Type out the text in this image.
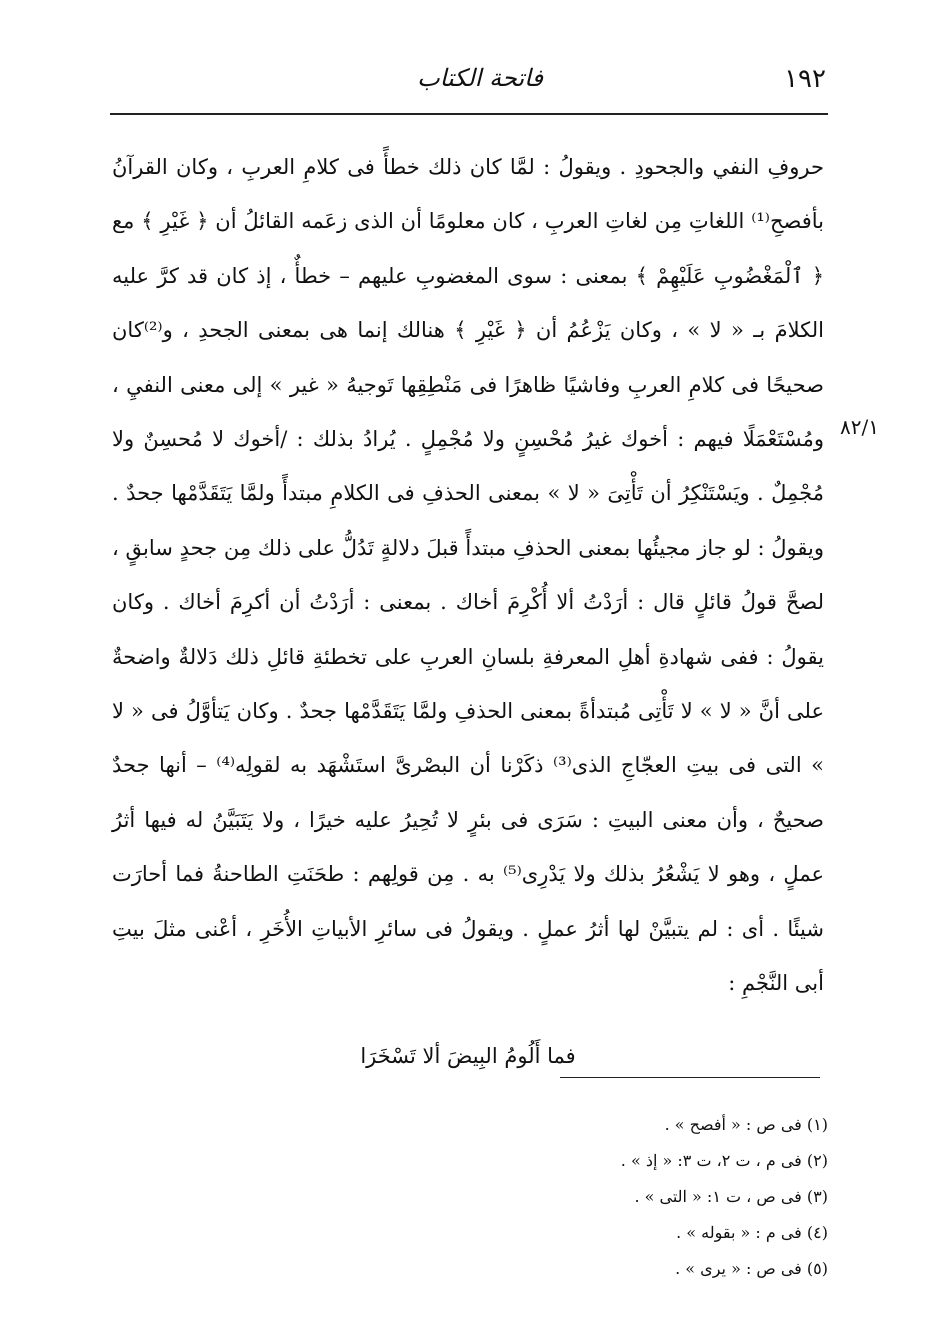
١٩٢
فاتحة الكتاب
٨٢/١

حروفِ النفي والجحودِ . ويقولُ : لمَّا كان ذلك خطأً فى كلامِ العربِ ، وكان القرآنُ بأفصحِ⁽¹⁾ اللغاتِ مِن لغاتِ العربِ ، كان معلومًا أن الذى زعَمه القائلُ أن ﴿ غَيْرِ ﴾ مع ﴿ ٱلْمَغْضُوبِ عَلَيْهِمْ ﴾ بمعنى : سوى المغضوبِ عليهم – خطأٌ ، إذ كان قد كرَّ عليه الكلامَ بـ « لا » ، وكان يَزْعُمُ أن ﴿ غَيْرِ ﴾ هنالك إنما هى بمعنى الجحدِ ، و⁽²⁾كان صحيحًا فى كلامِ العربِ وفاشيًا ظاهرًا فى مَنْطِقِها تَوجيهُ « غير » إلى معنى النفيِ ، ومُسْتَعْمَلًا فيهم : أخوك غيرُ مُحْسِنٍ ولا مُجْمِلٍ . يُرادُ بذلك : /أخوك لا مُحسِنٌ ولا مُجْمِلٌ . ويَسْتَنْكِرُ أن تَأْتِىَ « لا » بمعنى الحذفِ فى الكلامِ مبتدأً ولمَّا يَتَقَدَّمْها جحدٌ . ويقولُ : لو جاز مجيئُها بمعنى الحذفِ مبتدأً قبلَ دلالةٍ تَدُلُّ على ذلك مِن جحدٍ سابقٍ ، لصحَّ قولُ قائلٍ قال : أرَدْتُ ألا أُكْرِمَ أخاك . بمعنى : أرَدْتُ أن أكرِمَ أخاك . وكان يقولُ : ففى شهادةِ أهلِ المعرفةِ بلسانِ العربِ على تخطئةِ قائلِ ذلك دَلالةٌ واضحةٌ على أنَّ « لا » لا تَأْتِى مُبتدأةً بمعنى الحذفِ ولمَّا يَتَقَدَّمْها جحدٌ . وكان يَتأوَّلُ فى « لا » التى فى بيتِ العجّاجِ الذى⁽³⁾ ذكَرْنا أن البصْرىَّ استَشْهَد به لقولِه⁽⁴⁾ – أنها جحدٌ صحيحٌ ، وأن معنى البيتِ : سَرَى فى بئرٍ لا تُحِيرُ عليه خيرًا ، ولا يَتَبَيَّنُ له فيها أثرُ عملٍ ، وهو لا يَشْعُرُ بذلك ولا يَدْرِى⁽⁵⁾ به . مِن قولِهم : طحَنَتِ الطاحنةُ فما أحارَت شيئًا . أى : لم يتبيَّنْ لها أثرُ عملٍ . ويقولُ فى سائرِ الأبياتِ الأُخَرِ ، أعْنى مثلَ بيتِ أبى النَّجْمِ :

فما أَلُومُ البِيضَ ألا تَسْخَرَا

(١) فى ص : « أفصح » .
(٢) فى م ، ت ٢، ت ٣: « إذ » .
(٣) فى ص ، ت ١: « التى » .
(٤) فى م : « بقوله » .
(٥) فى ص : « يرى » .
